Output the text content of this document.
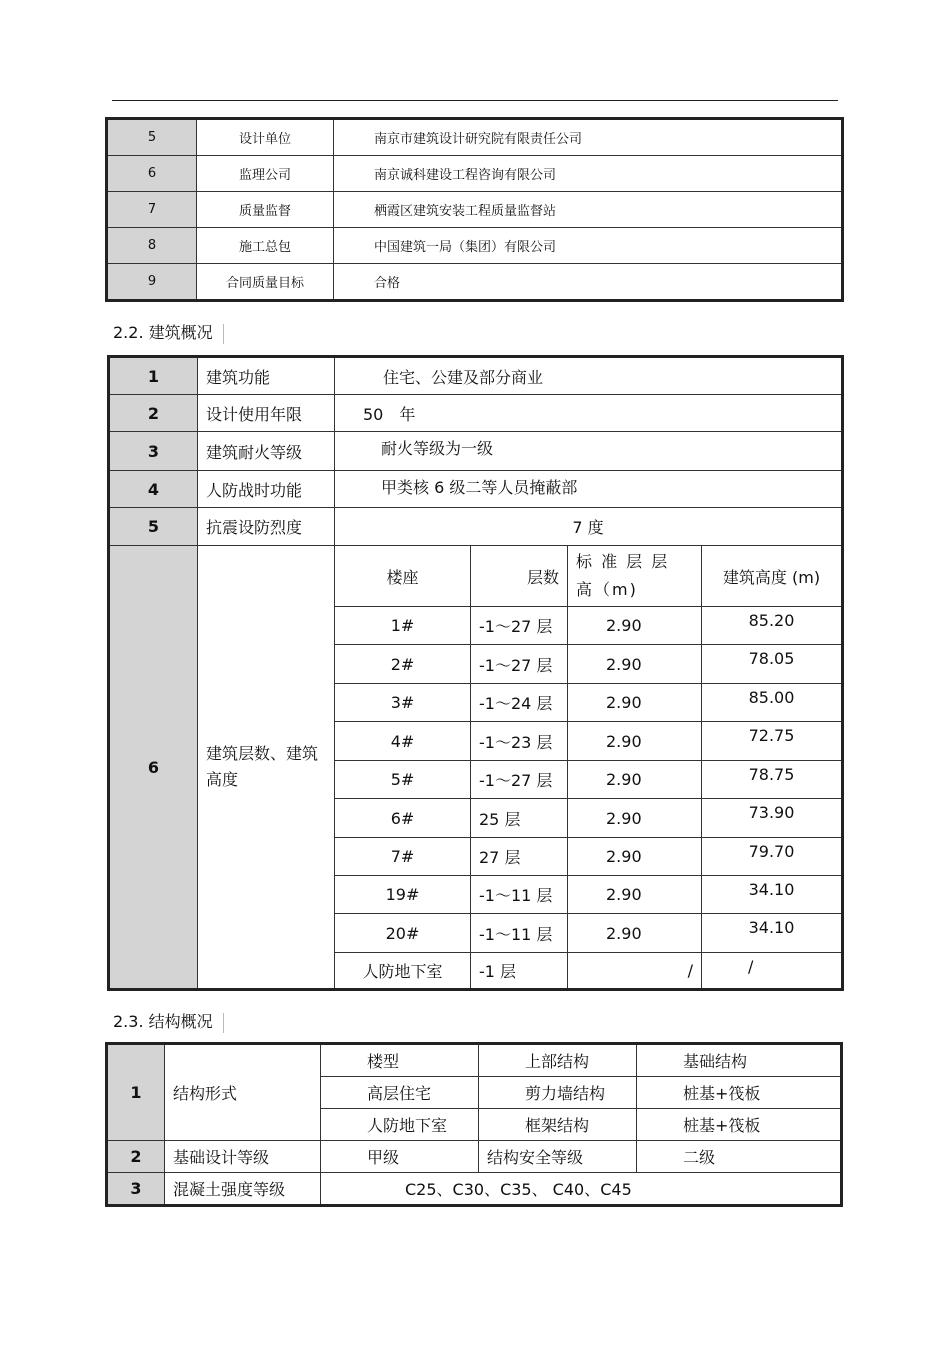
5	设计单位	南京市建筑设计研究院有限责任公司
6	监理公司	南京诚科建设工程咨询有限公司
7	质量监督	栖霞区建筑安装工程质量监督站
8	施工总包	中国建筑一局（集团）有限公司
9	合同质量目标	合格
2.2. 建筑概况
1	建筑功能	住宅、公建及部分商业			
2	设计使用年限	50　年			
3	建筑耐火等级	耐火等级为一级			
4	人防战时功能	甲类核 6 级二等人员掩蔽部			
5	抗震设防烈度	7 度			
6	建筑层数、建筑高度	楼座	层数	标 准 层 层 高（m)	建筑高度 (m)
		1#	-1～27 层	2.90	85.20
		2#	-1～27 层	2.90	78.05
		3#	-1～24 层	2.90	85.00
		4#	-1～23 层	2.90	72.75
		5#	-1～27 层	2.90	78.75
		6#	25 层	2.90	73.90
		7#	27 层	2.90	79.70
		19#	-1～11 层	2.90	34.10
		20#	-1～11 层	2.90	34.10
		人防地下室	-1 层	/	/
2.3. 结构概况
1	结构形式	楼型	上部结构	基础结构
		高层住宅	剪力墙结构	桩基+筏板
		人防地下室	框架结构	桩基+筏板
2	基础设计等级	甲级	结构安全等级	二级
3	混凝土强度等级	C25、C30、C35、 C40、C45		
